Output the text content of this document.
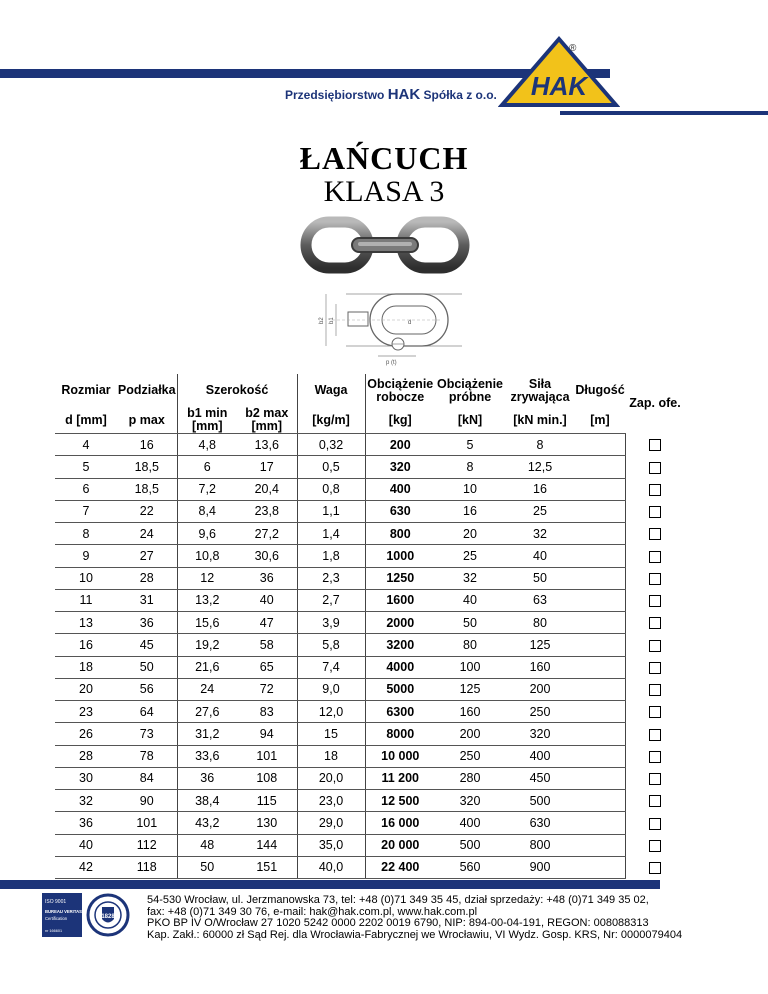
HAK
®
Przedsiębiorstwo HAK Spółka z o.o.
ŁAŃCUCH
KLASA 3
b2 b1	d
p (t)
Rozmiar	Podziałka	Szerokość		Waga	Obciążenie robocze	Obciążenie próbne	Siła zrywająca	Długość	Zap. ofe.
d [mm]	p max	b1 min [mm]	b2 max [mm]	[kg/m]	[kg]	[kN]	[kN min.]	[m]	
4	16	4,8	13,6	0,32	200	5	8		
5	18,5	6	17	0,5	320	8	12,5		
6	18,5	7,2	20,4	0,8	400	10	16		
7	22	8,4	23,8	1,1	630	16	25		
8	24	9,6	27,2	1,4	800	20	32		
9	27	10,8	30,6	1,8	1000	25	40		
10	28	12	36	2,3	1250	32	50		
11	31	13,2	40	2,7	1600	40	63		
13	36	15,6	47	3,9	2000	50	80		
16	45	19,2	58	5,8	3200	80	125		
18	50	21,6	65	7,4	4000	100	160		
20	56	24	72	9,0	5000	125	200		
23	64	27,6	83	12,0	6300	160	250		
26	73	31,2	94	15	8000	200	320		
28	78	33,6	101	18	10 000	250	400		
30	84	36	108	20,0	11 200	280	450		
32	90	38,4	115	23,0	12 500	320	500		
36	101	43,2	130	29,0	16 000	400	630		
40	112	48	144	35,0	20 000	500	800		
42	118	50	151	40,0	22 400	560	900		
ISO 9001
BUREAU VERITAS
Certification
nr 166601
1828
54-530 Wrocław, ul. Jerzmanowska 73, tel: +48 (0)71 349 35 45, dział sprzedaży: +48 (0)71 349 35 02,
fax: +48 (0)71 349 30 76, e-mail: hak@hak.com.pl, www.hak.com.pl
PKO BP IV O/Wrocław 27 1020 5242 0000 2202 0019 6790, NIP: 894-00-04-191, REGON: 008088313
Kap. Zakł.: 60000 zł Sąd Rej. dla Wrocławia-Fabrycznej we Wrocławiu, VI Wydz. Gosp. KRS, Nr: 0000079404
